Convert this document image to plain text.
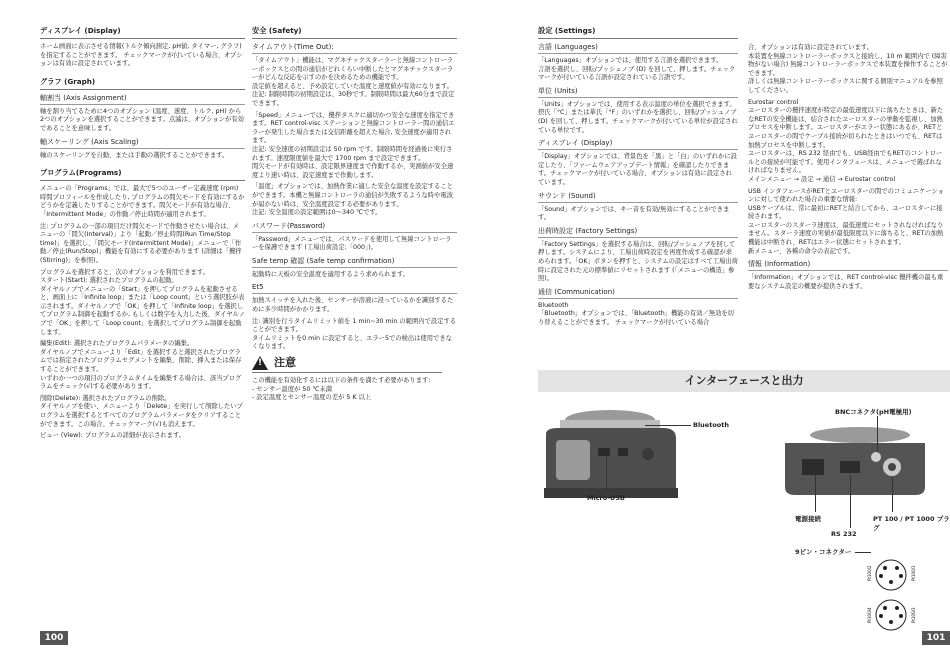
ディスプレイ (Display)

ホーム画面に表示させる情報(トルク傾向測定, pH値, タイマー, グラフ) を指定することができます。 チェックマークが付いている場合、オプションは有効に設定されています。

グラフ (Graph)
軸割当 (Axis Assignment)

軸を割り当てるために4つのオプション (温度、速度、トルク, pH) から2つのオプションを選択することができます。点滅は、オプションが有効であることを意味します。

軸スケーリング (Axis Scaling)

軸のスケーリングを自動、または手動の選択することができます。

プログラム(Programs)

メニューの「Programs」では、最大で5つのユーザー定義速度 (rpm) 時間プロフィールを作成したり, プログラムの間欠モードを有効にするかどうかを定義したりすることができます。間欠モードが有効な場合、「Intermittent Mode」の作動／停止時間が適用されます。

注: プログラムの一部の項目だけ間欠モードで作動させたい場合は、メニューの「間欠(Interval)」より「起動／停止時間(Run Time/Stop time)」を選択し、「間欠モード(Intermittent Mode)」メニューで「作動／停止(Run/Stop)」機能を有効にする必要があります (詳細は「攪拌(Stirring)」を参照)。

プログラムを選択すると、次のオプションを利用できます。
スタート(Start): 選択されたプログラムの起動。
ダイヤルノブでメニューの「Start」を押してプログラムを起動させると、画面上に「Infinite loop」または「Loop count」という選択肢が表示されます。ダイヤルノブで「OK」を押して「Infinite loop」を選択してプログラム制御を起動するか, もしくは数字を入力した後、ダイヤルノブで「OK」を押して「Loop count」を選択してプログラム制御を起動します。

編集(Edit): 選択されたプログラムパラメータの編集。
ダイヤルノブでメニューより「Edit」を選択すると選択されたプログラムでは指定されたプログラムセグメントを編集、削除、挿入または保存することができます。
いずれか一つの項目のプログラムタイムを編集する場合は、該当プログラムをチェック(√)する必要があります。

削除(Delete): 選択されたプログラムの削除。
ダイヤルノブを使い、メニューより「Delete」を実行して削除したいプログラムを選択するとすべてのプログラムパラメータをクリアすることができます。この場合、チェックマーク(√)も消えます。

ビュー (View): プログラムの詳細が表示されます。

安全 (Safety)
タイムアウト(Time Out):

「タイムアウト」機能は、マグネチックスターラーと無線コントローラーボックスとの間の通信がどれくらい中断したとマグネチックスターラーがどんな反応を示すのかを決めるための機能です。
設定値を超えると、予め設定していた温度と速度値が有効になります。
注記: 制限時間の初期設定は、30秒です。制限時間は最大60分まで設定できます。

「Speed」メニューでは、攪拌タスクに適切かつ安全な速度を指定できます。RET control-visc ステーションと無線コントローラー間の通信エラーが発生した場合または交信距離を超えた場合, 安全速度が適用されます。
注記: 安全速度の初期設定は 50 rpm です。制限時間を経過後に実行されます。速度限度値を最大で 1700 rpm まで設定できます。
間欠モードが有効時は、設定限界速度まで作動するか、実測値が安全速度より速い時は、設定速度まで作動します。

「温度」オプションでは、加熱作業に適した安全な温度を設定することができます。本機と無線コントローラの通信が失敗するような時や電波が届かない時は、安全温度設定する必要があります。
注記: 安全温度の設定範囲は0～340 ℃です。

パスワード(Password)

「Password」メニューでは、パスワードを使用して無線コントローラーを保護できます (工場出荷設定:「000」)。

Safe temp 確認 (Safe temp confirmation)

起動時に天板の安全温度を適用するよう求められます。

Et5

加熱スイッチを入れた後、センサーが溶液に浸っているかを識別するために多少時間がかかります。

注: 識別を行うタイムリミット値を 1 min~30 min の範囲内で設定することができます。
タイムリミットを0 min に設定すると、エラー5での検出は使用できなくなります。

! 注意

この機能を有効化するには以下の条件を満たす必要があります:
- センサー温度が 50 ℃未満
- 設定温度とセンサー温度の差が 5 K 以上

100
設定 (Settings)
言語 (Languages)

「Languages」オプションでは、使用する言語を選択できます。
言語を選択し、回転/プッシュノブ (D) を回して、押します。チェックマークが付いている言語が設定されている言語です。

単位 (Units)

「Units」オプションでは、使用する表示温度の単位を選択できます。摂氏「°C」または華氏「°F」のいずれかを選択し、回転/プッシュノブ (D) を回して、押します。チェックマークが付いている単位が設定されている単位です。

ディスプレイ (Display)

「Display」オプションでは、背景色を「黒」と「白」のいずれかに設定したり、「ファームウェアアップデート情報」を確認したりできます。チェックマークが付いている場合、オプションは有効に設定されています。

サウンド (Sound)

「Sound」オプションでは、キー音を有効/無効にすることができます。

出荷時設定 (Factory Settings)

「Factory Settings」を選択する場合は、回転/プッシュノブを回して押します。システムにより、工場出荷時設定を再度作成する確認が求められます。「OK」ボタンを押すと、システムの設定はすべて工場出荷時に設定された元の標準値にリセットされます (「メニューの構造」参照)。

通信 (Communication)

Bluetooth
「Bluetooth」オプションでは、「Bluetooth」機能の有効／無効を切り替えることができます。 チェックマークが付いている場合

合、オプションは有効に設定されています。
本装置を無線コントローラーボックスと接続し、10 m 範囲内で (障害物がない場合) 無線コントローラーボックスで本装置を操作することができます。
詳しくは無線コントローラーボックスに関する個別マニュアルを参照してください。

Eurostar control
ユーロスターの攪拌速度が特定の最低速度以下に落ちたときは、新たなRETの安全機能は、結合されたユーロスターの挙動を監視し、加熱プロセスを中断します。ユーロスターがエラー状態にあるか、RETとユーロスターの間でケーブル接続が切られたときはいつでも、RETは加熱プロセスを中断します。
ユーロスターは、RS 232 経由でも、USB経由でもRETのコントロールとの接続が可能です。使用インタフェースは、メニューで選ばれなければなりません。
メインメニュー → 設定 → 通信 → Eurostar control

USB インタフェースがRETとユーロスターの間でのコミュニケーションに対して使われた場合の重要な情報:
USBケーブルは、常に最初にRETと結合してから、ユーロスターに接続されます。
ユーロスターのスターラ速度は、最低速度にセットされなければなりません。スターラ速度の実値が最低限度以下に落ちると、RETの加熱機能は中断され、RETはエラー状態にセットされます。
新メニュー、各種の命令の表記です。

情報 (Information)

「Information」オプションでは、RET control-visc 攪拌機の最も重要なシステム設定の概要が提供されます。

インターフェースと出力
Bluetooth
Micro-USB
BNCコネクタ(pH電極用)
電源接続
RS 232
PT 100 / PT 1000 プラグ
9ピン・コネクター
Pt100/2	Pt100/1
Pt100/4	Pt100/3
101
